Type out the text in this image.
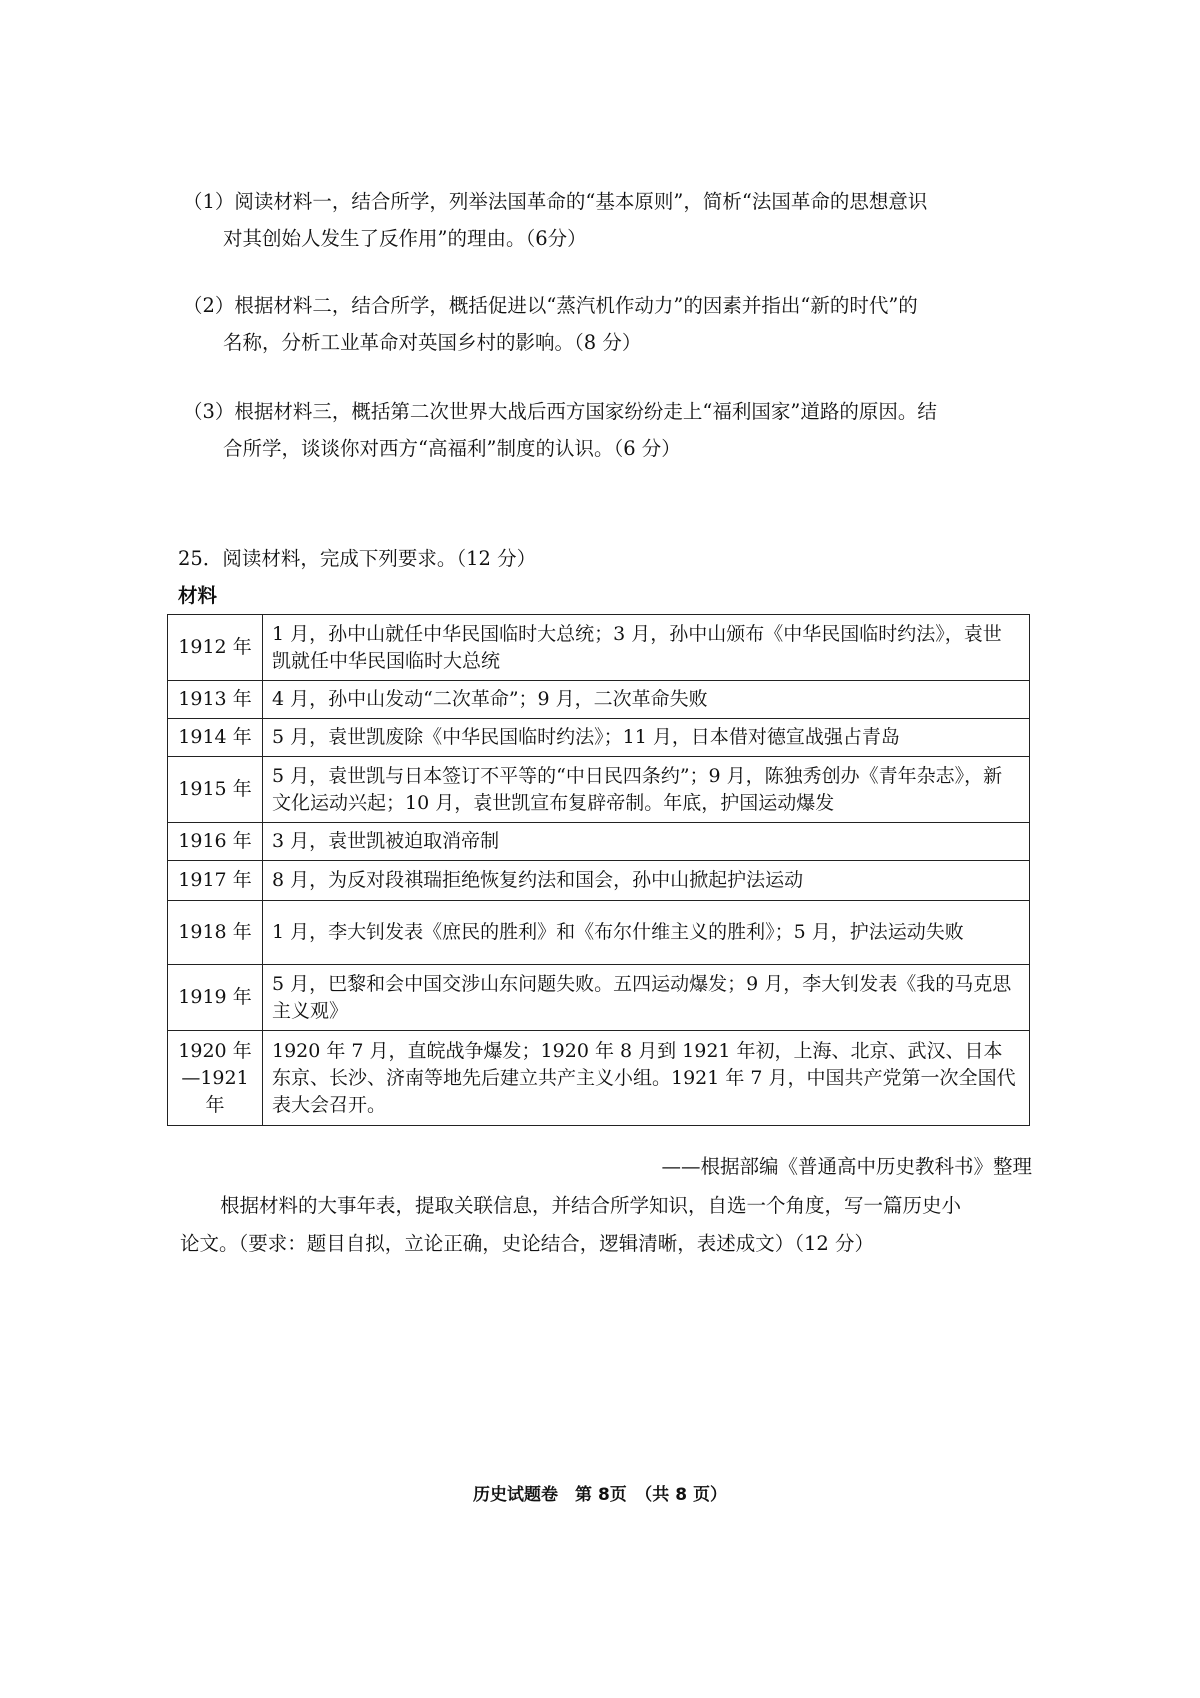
（1）阅读材料一，结合所学，列举法国革命的“基本原则”，简析“法国革命的思想意识
对其创始人发生了反作用”的理由。（6分）
（2）根据材料二，结合所学，概括促进以“蒸汽机作动力”的因素并指出“新的时代”的
名称，分析工业革命对英国乡村的影响。（8 分）
（3）根据材料三，概括第二次世界大战后西方国家纷纷走上“福利国家”道路的原因。结
合所学，谈谈你对西方“高福利”制度的认识。（6 分）
25．阅读材料，完成下列要求。（12 分）
材料
1912 年	1 月，孙中山就任中华民国临时大总统；3 月，孙中山颁布《中华民国临时约法》，袁世凯就任中华民国临时大总统
1913 年	4 月，孙中山发动“二次革命”；9 月，二次革命失败
1914 年	5 月，袁世凯废除《中华民国临时约法》；11 月，日本借对德宣战强占青岛
1915 年	5 月，袁世凯与日本签订不平等的“中日民四条约”；9 月，陈独秀创办《青年杂志》，新文化运动兴起；10 月，袁世凯宣布复辟帝制。年底，护国运动爆发
1916 年	3 月，袁世凯被迫取消帝制
1917 年	8 月，为反对段祺瑞拒绝恢复约法和国会，孙中山掀起护法运动
1918 年	1 月，李大钊发表《庶民的胜利》和《布尔什维主义的胜利》；5 月，护法运动失败
1919 年	5 月，巴黎和会中国交涉山东问题失败。五四运动爆发；9 月，李大钊发表《我的马克思主义观》
1920 年—1921 年	1920 年 7 月，直皖战争爆发；1920 年 8 月到 1921 年初，上海、北京、武汉、日本东京、长沙、济南等地先后建立共产主义小组。1921 年 7 月，中国共产党第一次全国代表大会召开。
——根据部编《普通高中历史教科书》整理
根据材料的大事年表，提取关联信息，并结合所学知识，自选一个角度，写一篇历史小
论文。（要求：题目自拟，立论正确，史论结合，逻辑清晰，表述成文）（12 分）
历史试题卷　第 8页　（共 8 页）
